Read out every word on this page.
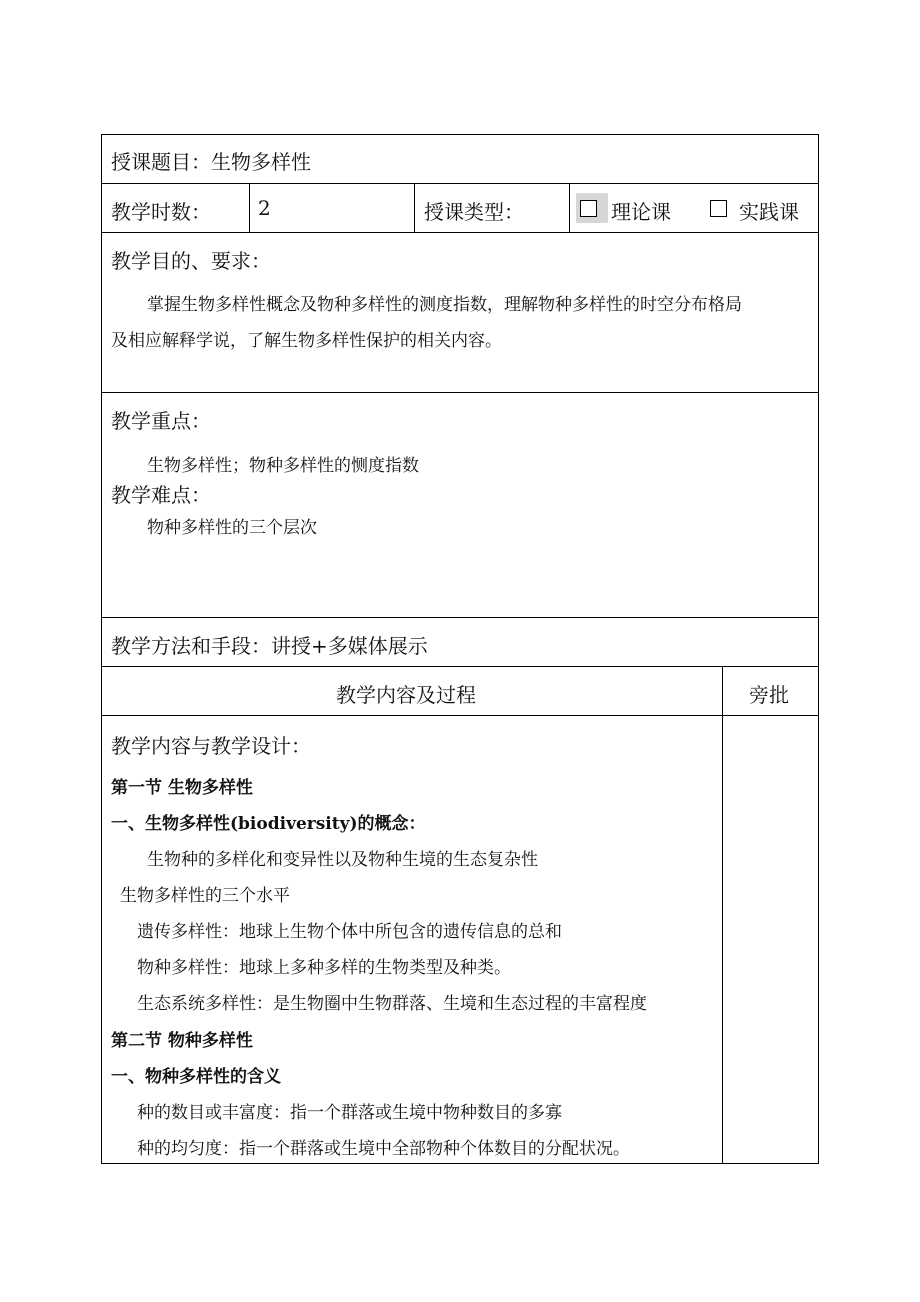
授课题目：生物多样性
教学时数： 2	授课类型：	理论课	实践课
教学目的、要求：
掌握生物多样性概念及物种多样性的测度指数，理解物种多样性的时空分布格局
及相应解释学说，了解生物多样性保护的相关内容。
教学重点：
生物多样性；物种多样性的恻度指数
教学难点：
物种多样性的三个层次
教学方法和手段：讲授+多媒体展示
教学内容及过程	旁批
教学内容与教学设计：
第一节 生物多样性
一、生物多样性(biodiversity)的概念：
生物种的多样化和变异性以及物种生境的生态复杂性
生物多样性的三个水平
遗传多样性：地球上生物个体中所包含的遗传信息的总和
物种多样性：地球上多种多样的生物类型及种类。
生态系统多样性：是生物圈中生物群落、生境和生态过程的丰富程度
第二节 物种多样性
一、物种多样性的含义
种的数目或丰富度：指一个群落或生境中物种数目的多寡
种的均匀度：指一个群落或生境中全部物种个体数目的分配状况。
